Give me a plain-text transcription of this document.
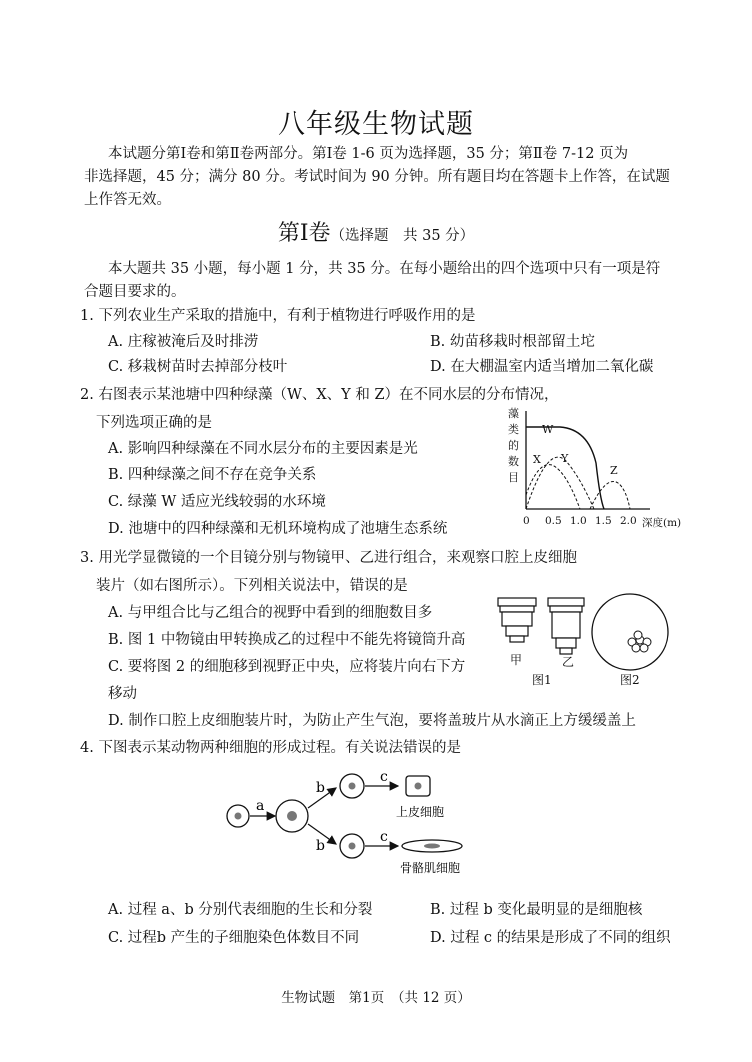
八年级生物试题
本试题分第Ⅰ卷和第Ⅱ卷两部分。第Ⅰ卷 1-6 页为选择题，35 分；第Ⅱ卷 7-12 页为
非选择题，45 分；满分 80 分。考试时间为 90 分钟。所有题目均在答题卡上作答，在试题
上作答无效。
第Ⅰ卷（选择题　共 35 分）
本大题共 35 小题，每小题 1 分，共 35 分。在每小题给出的四个选项中只有一项是符
合题目要求的。
1. 下列农业生产采取的措施中，有利于植物进行呼吸作用的是
A. 庄稼被淹后及时排涝	B. 幼苗移栽时根部留土坨
C. 移栽树苗时去掉部分枝叶	D. 在大棚温室内适当增加二氧化碳
2. 右图表示某池塘中四种绿藻（W、X、Y 和 Z）在不同水层的分布情况，
下列选项正确的是
A. 影响四种绿藻在不同水层分布的主要因素是光
B. 四种绿藻之间不存在竞争关系
C. 绿藻 W 适应光线较弱的水环境
D. 池塘中的四种绿藻和无机环境构成了池塘生态系统
藻
类
的
数
目
W
X Y
Z
0 0.5 1.0 1.5 2.0 深度(m)
3. 用光学显微镜的一个目镜分别与物镜甲、乙进行组合，来观察口腔上皮细胞
装片（如右图所示）。下列相关说法中，错误的是
A. 与甲组合比与乙组合的视野中看到的细胞数目多
B. 图 1 中物镜由甲转换成乙的过程中不能先将镜筒升高
C. 要将图 2 的细胞移到视野正中央，应将装片向右下方
移动
D. 制作口腔上皮细胞装片时，为防止产生气泡，要将盖玻片从水滴正上方缓缓盖上
甲	乙
图1	图2
4. 下图表示某动物两种细胞的形成过程。有关说法错误的是
a
b
b
c
c
上皮细胞
骨骼肌细胞
A. 过程 a、b 分别代表细胞的生长和分裂	B. 过程 b 变化最明显的是细胞核
C. 过程b 产生的子细胞染色体数目不同	D. 过程 c 的结果是形成了不同的组织
生物试题　第1页　（共 12 页）
